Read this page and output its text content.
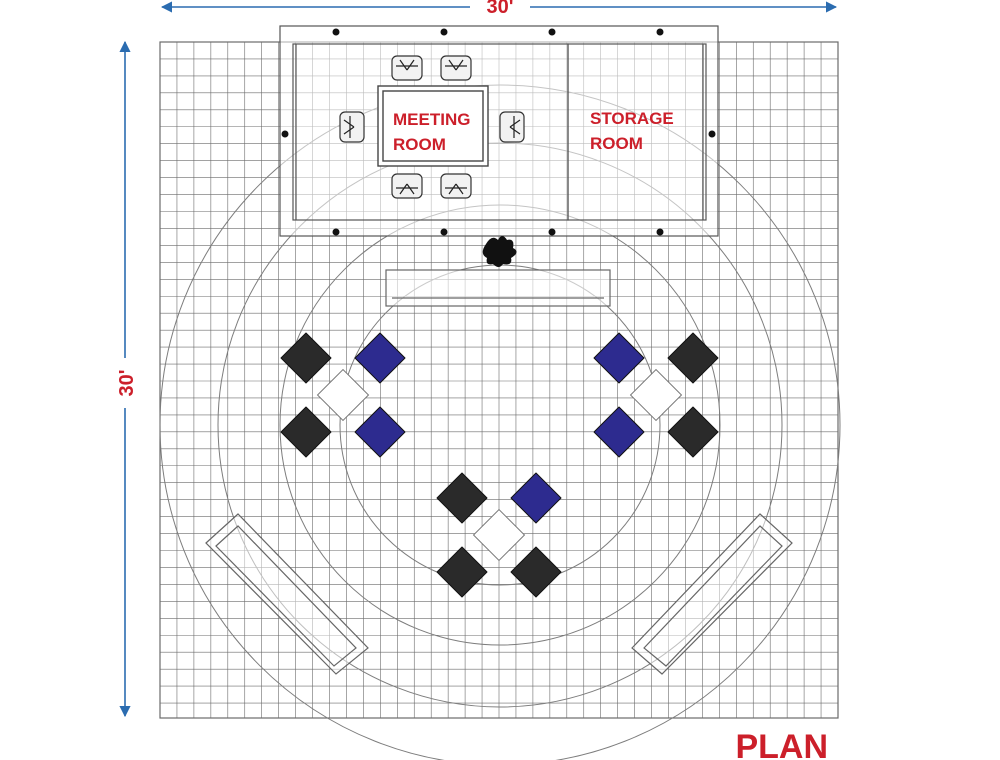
30'
30'
MEETING
ROOM
STORAGE
ROOM
PLAN
